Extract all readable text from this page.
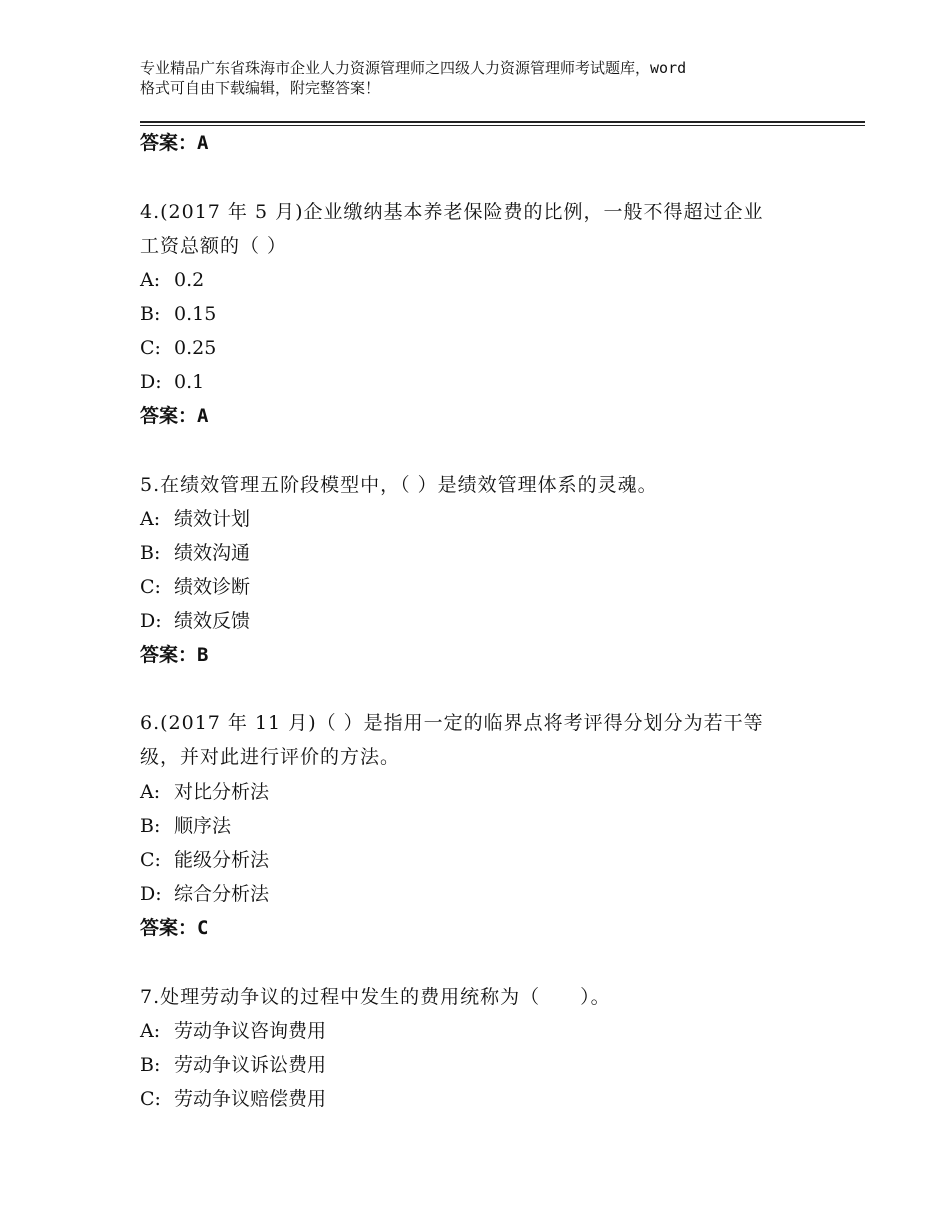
专业精品广东省珠海市企业人力资源管理师之四级人力资源管理师考试题库，word
格式可自由下载编辑，附完整答案！
答案：A
4.(2017 年 5 月)企业缴纳基本养老保险费的比例，一般不得超过企业
工资总额的（ ）
A: 0.2
B: 0.15
C: 0.25
D: 0.1
答案：A
5.在绩效管理五阶段模型中，（ ）是绩效管理体系的灵魂。
A: 绩效计划
B: 绩效沟通
C: 绩效诊断
D: 绩效反馈
答案：B
6.(2017 年 11 月)（ ）是指用一定的临界点将考评得分划分为若干等
级，并对此进行评价的方法。
A: 对比分析法
B: 顺序法
C: 能级分析法
D: 综合分析法
答案：C
7.处理劳动争议的过程中发生的费用统称为（　　）。
A: 劳动争议咨询费用
B: 劳动争议诉讼费用
C: 劳动争议赔偿费用
